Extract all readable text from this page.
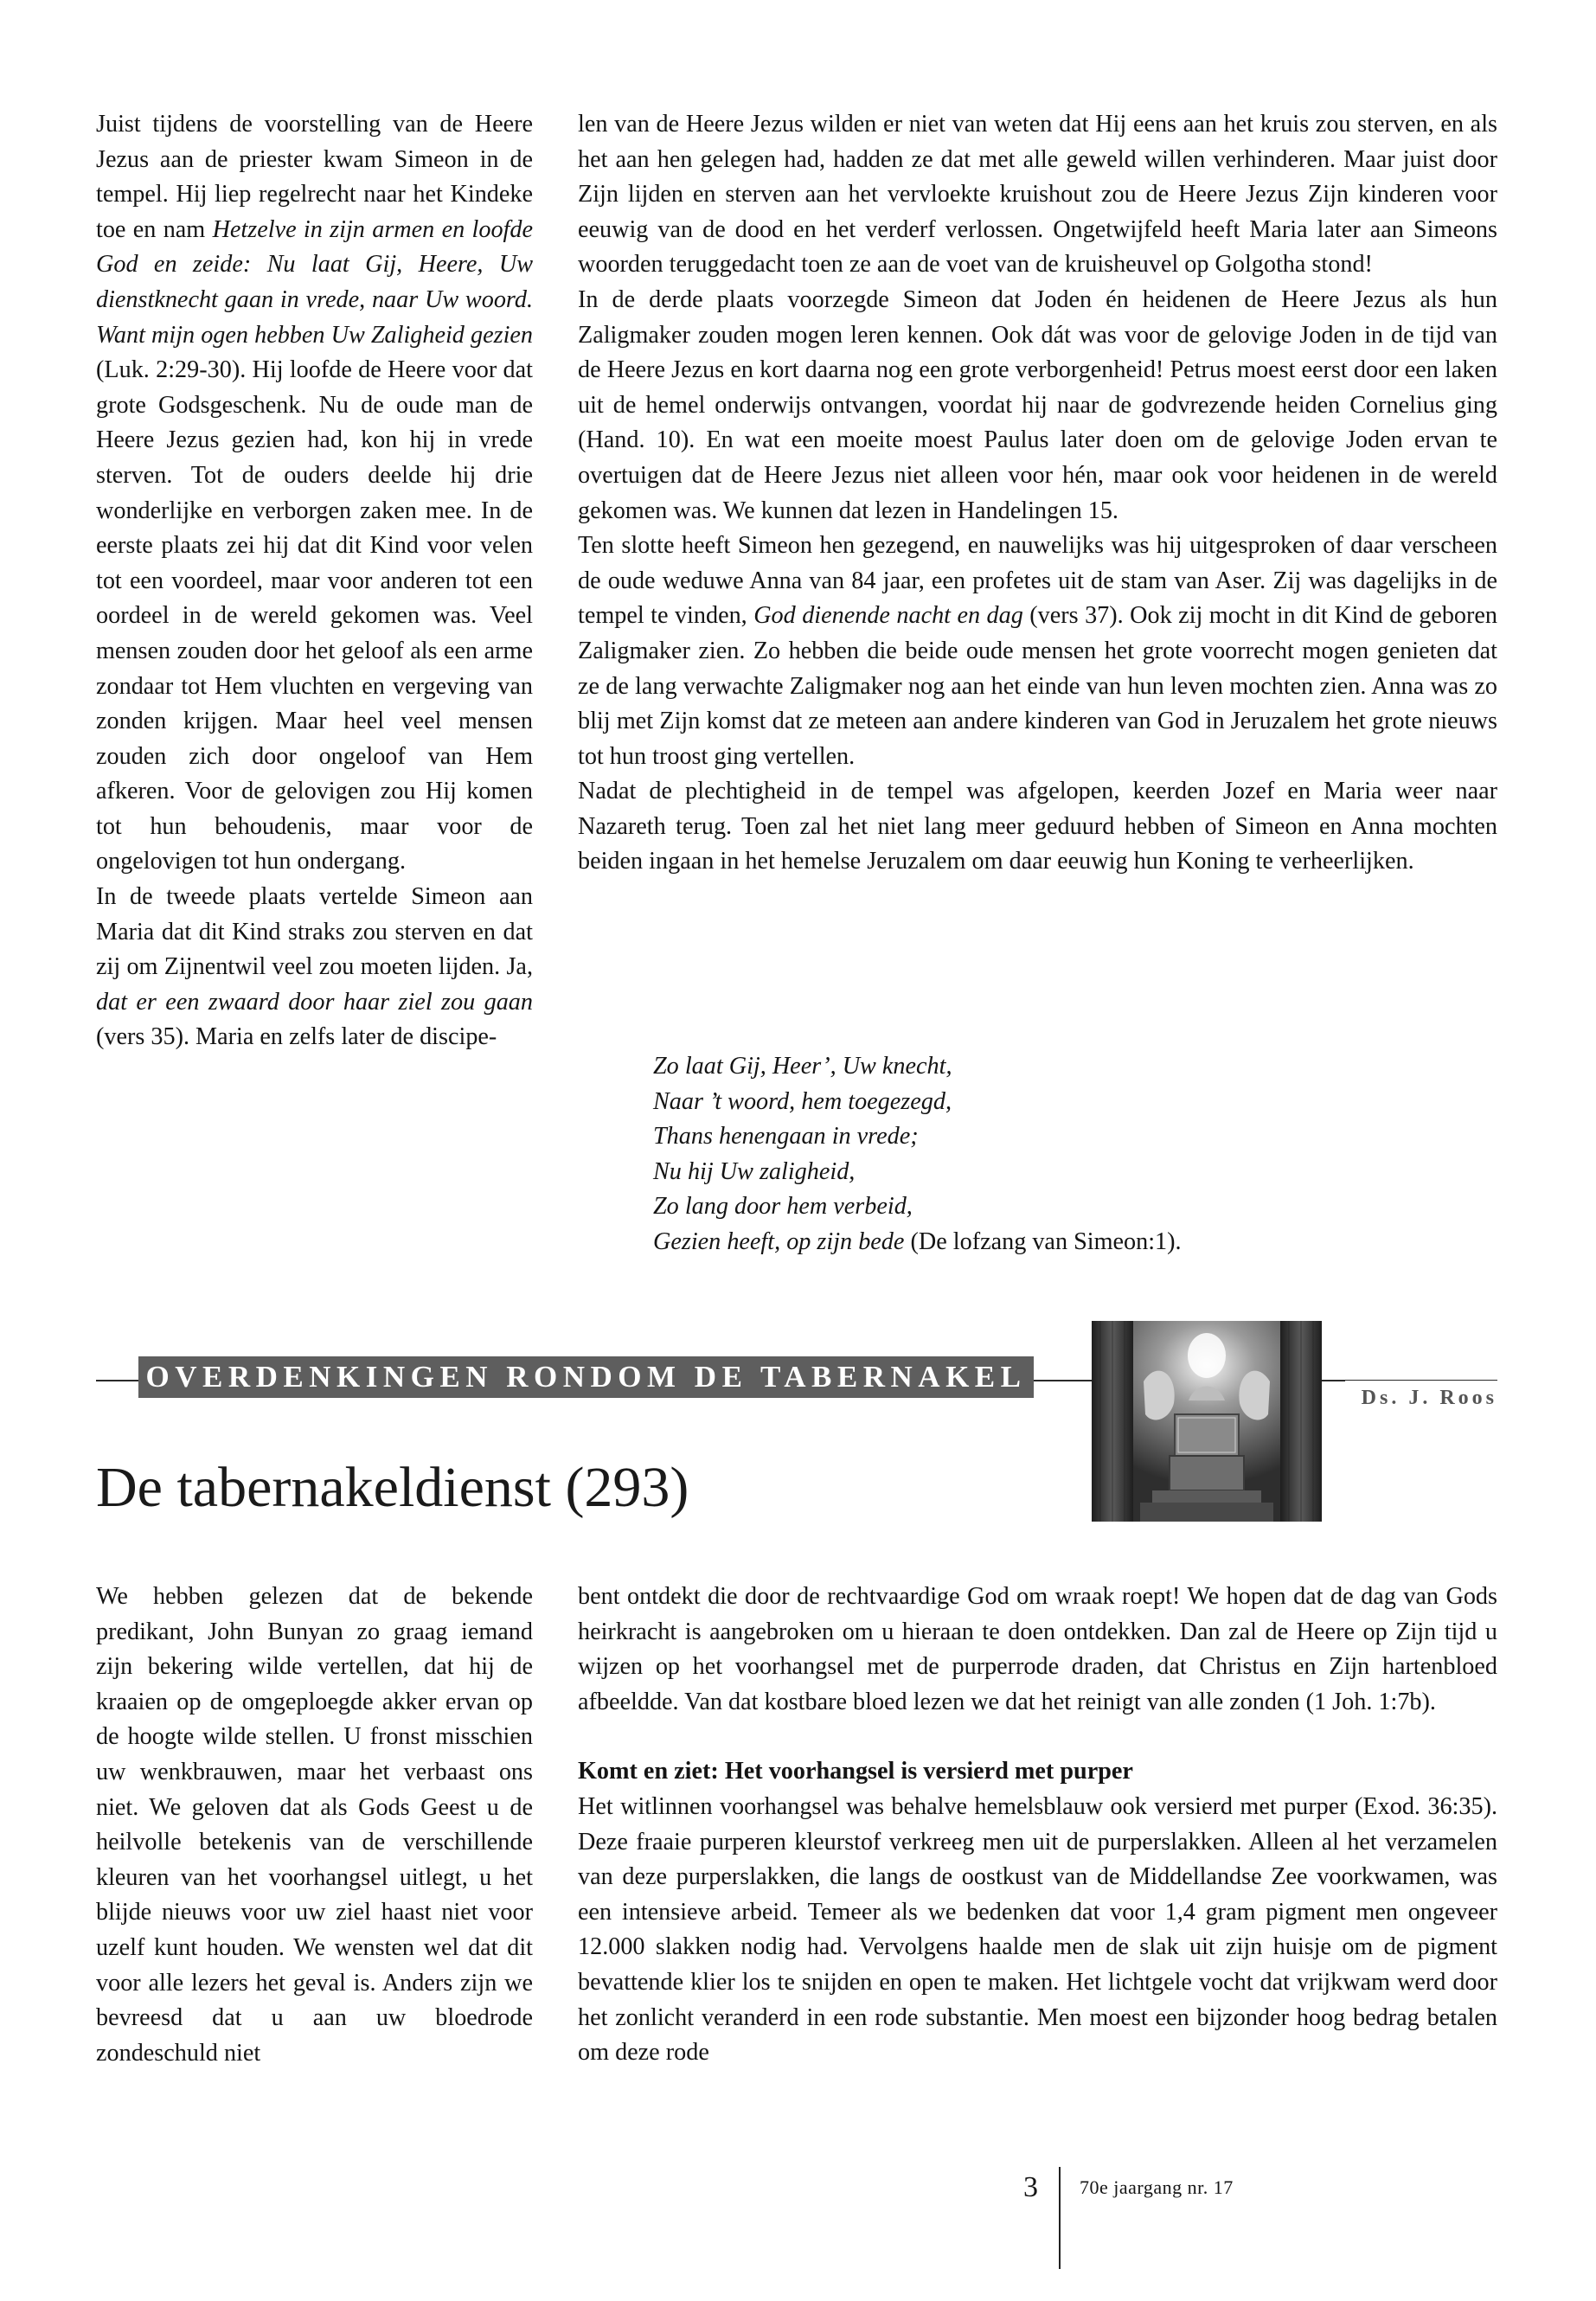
Juist tijdens de voorstelling van de Heere Jezus aan de priester kwam Simeon in de tempel. Hij liep regelrecht naar het Kindeke toe en nam Hetzelve in zijn armen en loofde God en zeide: Nu laat Gij, Heere, Uw dienstknecht gaan in vrede, naar Uw woord. Want mijn ogen hebben Uw Zaligheid gezien (Luk. 2:29-30). Hij loofde de Heere voor dat grote Godsgeschenk. Nu de oude man de Heere Jezus gezien had, kon hij in vrede sterven. Tot de ouders deelde hij drie wonderlijke en verborgen zaken mee. In de eerste plaats zei hij dat dit Kind voor velen tot een voordeel, maar voor anderen tot een oordeel in de wereld gekomen was. Veel mensen zouden door het geloof als een arme zondaar tot Hem vluchten en vergeving van zonden krijgen. Maar heel veel mensen zouden zich door ongeloof van Hem afkeren. Voor de gelovigen zou Hij komen tot hun behoudenis, maar voor de ongelovigen tot hun ondergang.

In de tweede plaats vertelde Simeon aan Maria dat dit Kind straks zou sterven en dat zij om Zijnentwil veel zou moeten lijden. Ja, dat er een zwaard door haar ziel zou gaan (vers 35). Maria en zelfs later de discipe-

len van de Heere Jezus wilden er niet van weten dat Hij eens aan het kruis zou sterven, en als het aan hen gelegen had, hadden ze dat met alle geweld willen verhinderen. Maar juist door Zijn lijden en sterven aan het vervloekte kruishout zou de Heere Jezus Zijn kinderen voor eeuwig van de dood en het verderf verlossen. Ongetwijfeld heeft Maria later aan Simeons woorden teruggedacht toen ze aan de voet van de kruisheuvel op Golgotha stond!

In de derde plaats voorzegde Simeon dat Joden én heidenen de Heere Jezus als hun Zaligmaker zouden mogen leren kennen. Ook dát was voor de gelovige Joden in de tijd van de Heere Jezus en kort daarna nog een grote verborgenheid! Petrus moest eerst door een laken uit de hemel onderwijs ontvangen, voordat hij naar de godvrezende heiden Cornelius ging (Hand. 10). En wat een moeite moest Paulus later doen om de gelovige Joden ervan te overtuigen dat de Heere Jezus niet alleen voor hén, maar ook voor heidenen in de wereld gekomen was. We kunnen dat lezen in Handelingen 15.

Ten slotte heeft Simeon hen gezegend, en nauwelijks was hij uitgesproken of daar verscheen de oude weduwe Anna van 84 jaar, een profetes uit de stam van Aser. Zij was dagelijks in de tempel te vinden, God dienende nacht en dag (vers 37). Ook zij mocht in dit Kind de geboren Zaligmaker zien. Zo hebben die beide oude mensen het grote voorrecht mogen genieten dat ze de lang verwachte Zaligmaker nog aan het einde van hun leven mochten zien. Anna was zo blij met Zijn komst dat ze meteen aan andere kinderen van God in Jeruzalem het grote nieuws tot hun troost ging vertellen.

Nadat de plechtigheid in de tempel was afgelopen, keerden Jozef en Maria weer naar Nazareth terug. Toen zal het niet lang meer geduurd hebben of Simeon en Anna mochten beiden ingaan in het hemelse Jeruzalem om daar eeuwig hun Koning te verheerlijken.

Zo laat Gij, Heer’, Uw knecht,
Naar ’t woord, hem toegezegd,
Thans henengaan in vrede;
Nu hij Uw zaligheid,
Zo lang door hem verbeid,
Gezien heeft, op zijn bede (De lofzang van Simeon:1).
OVERDENKINGEN RONDOM DE TABERNAKEL
Ds. J. Roos
De tabernakeldienst (293)

We hebben gelezen dat de bekende predikant, John Bunyan zo graag iemand zijn bekering wilde vertellen, dat hij de kraaien op de omgeploegde akker ervan op de hoogte wilde stellen. U fronst misschien uw wenkbrauwen, maar het verbaast ons niet. We geloven dat als Gods Geest u de heilvolle betekenis van de verschillende kleuren van het voorhangsel uitlegt, u het blijde nieuws voor uw ziel haast niet voor uzelf kunt houden. We wensten wel dat dit voor alle lezers het geval is. Anders zijn we bevreesd dat u aan uw bloedrode zondeschuld niet

bent ontdekt die door de rechtvaardige God om wraak roept! We hopen dat de dag van Gods heirkracht is aangebroken om u hieraan te doen ontdekken. Dan zal de Heere op Zijn tijd u wijzen op het voorhangsel met de purperrode draden, dat Christus en Zijn hartenbloed afbeeldde. Van dat kostbare bloed lezen we dat het reinigt van alle zonden (1 Joh. 1:7b).

Komt en ziet: Het voorhangsel is versierd met purper

Het witlinnen voorhangsel was behalve hemelsblauw ook versierd met purper (Exod. 36:35). Deze fraaie purperen kleurstof verkreeg men uit de purperslakken. Alleen al het verzamelen van deze purperslakken, die langs de oostkust van de Middellandse Zee voorkwamen, was een intensieve arbeid. Temeer als we bedenken dat voor 1,4 gram pigment men ongeveer 12.000 slakken nodig had. Vervolgens haalde men de slak uit zijn huisje om de pigment bevattende klier los te snijden en open te maken. Het lichtgele vocht dat vrijkwam werd door het zonlicht veranderd in een rode substantie. Men moest een bijzonder hoog bedrag betalen om deze rode

3 70e jaargang nr. 17
